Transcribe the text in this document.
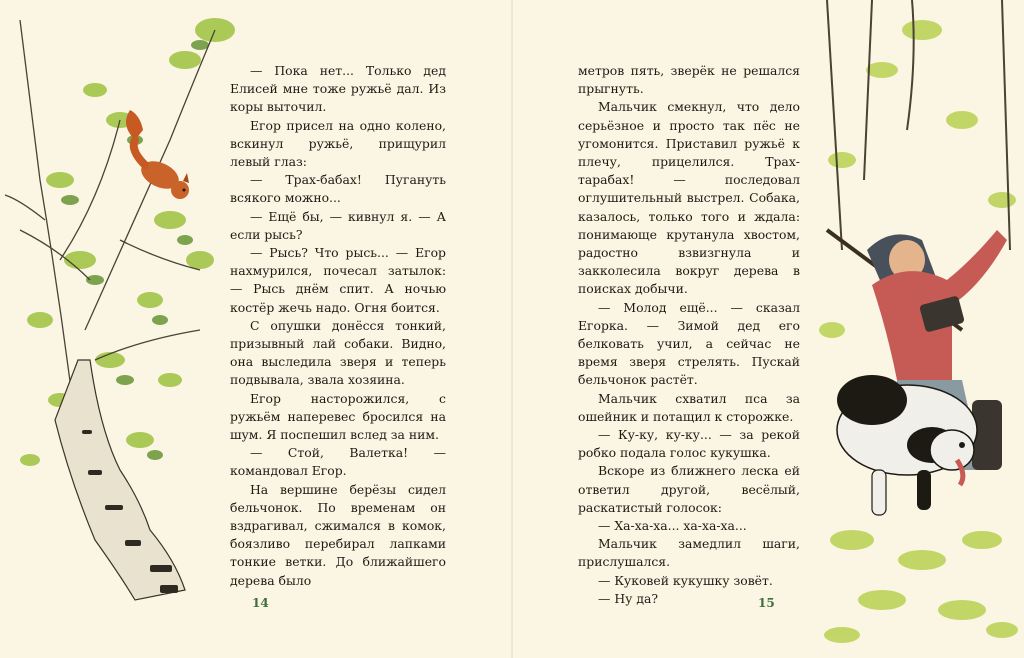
— Пока нет... Только дед Елисей мне тоже ружьё дал. Из коры выточил.

Егор присел на одно колено, вскинул ружьё, прищурил левый глаз:

— Трах-бабах! Пугануть всякого можно...

— Ещё бы, — кивнул я. — А если рысь?

— Рысь? Что рысь... — Егор нахмурился, почесал затылок: — Рысь днём спит. А ночью костёр жечь надо. Огня боится.

С опушки донёсся тонкий, призывный лай собаки. Видно, она выследила зверя и теперь подвывала, звала хозяина.

Егор насторожился, с ружьём наперевес бросился на шум. Я поспешил вслед за ним.

— Стой, Валетка! — командовал Егор.

На вершине берёзы сидел бельчонок. По временам он вздрагивал, сжимался в комок, боязливо перебирал лапками тонкие ветки. До ближайшего дерева было

метров пять, зверёк не решался прыгнуть.

Мальчик смекнул, что дело серьёзное и просто так пёс не угомонится. Приставил ружьё к плечу, прицелился. Трах-тарабах! — последовал оглушительный выстрел. Собака, казалось, только того и ждала: понимающе крутанула хвостом, радостно взвизгнула и закколесила вокруг дерева в поисках добычи.

— Молод ещё... — сказал Егорка. — Зимой дед его белковать учил, а сейчас не время зверя стрелять. Пускай бельчонок растёт.

Мальчик схватил пса за ошейник и потащил к сторожке.

— Ку-ку, ку-ку... — за рекой робко подала голос кукушка.

Вскоре из ближнего леска ей ответил другой, весёлый, раскатистый голосок:

— Ха-ха-ха... ха-ха-ха...

Мальчик замедлил шаги, прислушался.

— Куковей кукушку зовёт.

— Ну да?

14	15
